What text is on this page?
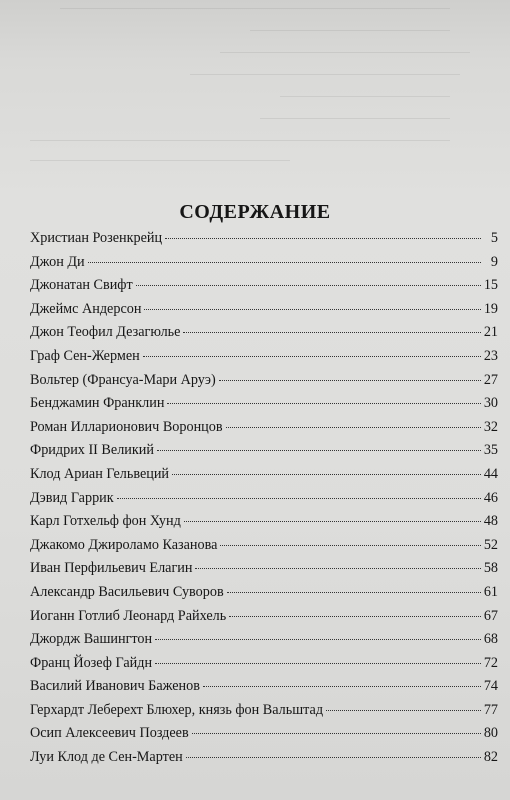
СОДЕРЖАНИЕ
Христиан Розенкрейц	5
Джон Ди	9
Джонатан Свифт	15
Джеймс Андерсон	19
Джон Теофил Дезагюлье	21
Граф Сен-Жермен	23
Вольтер (Франсуа-Мари Аруэ)	27
Бенджамин Франклин	30
Роман Илларионович Воронцов	32
Фридрих II Великий	35
Клод Ариан Гельвеций	44
Дэвид Гаррик	46
Карл Готхельф фон Хунд	48
Джакомо Джироламо Казанова	52
Иван Перфильевич Елагин	58
Александр Васильевич Суворов	61
Иоганн Готлиб Леонард Райхель	67
Джордж Вашингтон	68
Франц Йозеф Гайдн	72
Василий Иванович Баженов	74
Герхардт Леберехт Блюхер, князь фон Вальштад	77
Осип Алексеевич Поздеев	80
Луи Клод де Сен-Мартен	82
